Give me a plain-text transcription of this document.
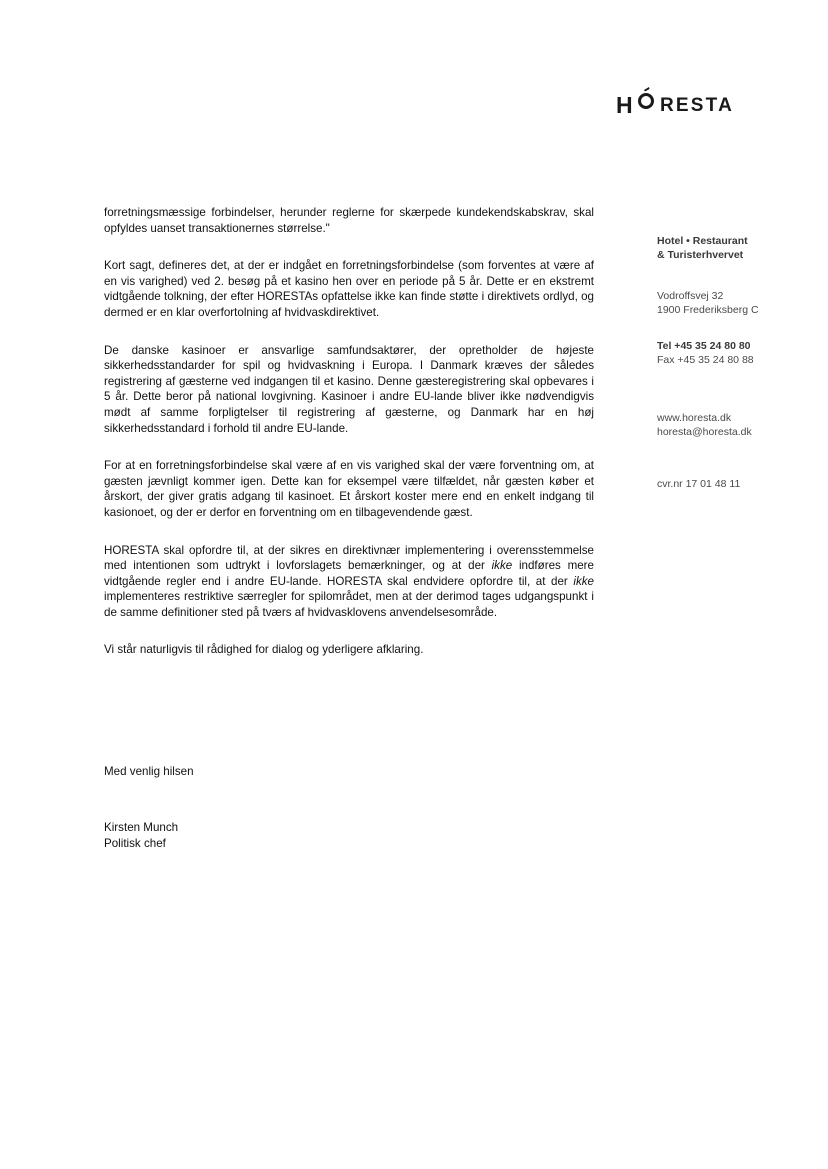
H RESTA
Hotel • Restaurant
& Turisterhvervet
Vodroffsvej 32
1900 Frederiksberg C
Tel +45 35 24 80 80
Fax +45 35 24 80 88
www.horesta.dk
horesta@horesta.dk
cvr.nr 17 01 48 11

forretningsmæssige forbindelser, herunder reglerne for skærpede kundekendskabskrav, skal opfyldes uanset transaktionernes størrelse."

Kort sagt, defineres det, at der er indgået en forretningsforbindelse (som forventes at være af en vis varighed) ved 2. besøg på et kasino hen over en periode på 5 år. Dette er en ekstremt vidtgående tolkning, der efter HORESTAs opfattelse ikke kan finde støtte i direktivets ordlyd, og dermed er en klar overfortolning af hvidvaskdirektivet.

De danske kasinoer er ansvarlige samfundsaktører, der opretholder de højeste sikkerhedsstandarder for spil og hvidvaskning i Europa. I Danmark kræves der således registrering af gæsterne ved indgangen til et kasino. Denne gæsteregistrering skal opbevares i 5 år. Dette beror på national lovgivning. Kasinoer i andre EU-lande bliver ikke nødvendigvis mødt af samme forpligtelser til registrering af gæsterne, og Danmark har en høj sikkerhedsstandard i forhold til andre EU-lande.

For at en forretningsforbindelse skal være af en vis varighed skal der være forventning om, at gæsten jævnligt kommer igen. Dette kan for eksempel være tilfældet, når gæsten køber et årskort, der giver gratis adgang til kasinoet. Et årskort koster mere end en enkelt indgang til kasionoet, og der er derfor en forventning om en tilbagevendende gæst.

HORESTA skal opfordre til, at der sikres en direktivnær implementering i overensstemmelse med intentionen som udtrykt i lovforslagets bemærkninger, og at der ikke indføres mere vidtgående regler end i andre EU-lande. HORESTA skal endvidere opfordre til, at der ikke implementeres restriktive særregler for spilområdet, men at der derimod tages udgangspunkt i de samme definitioner sted på tværs af hvidvasklovens anvendelsesområde.

Vi står naturligvis til rådighed for dialog og yderligere afklaring.

Med venlig hilsen
Kirsten Munch
Politisk chef
